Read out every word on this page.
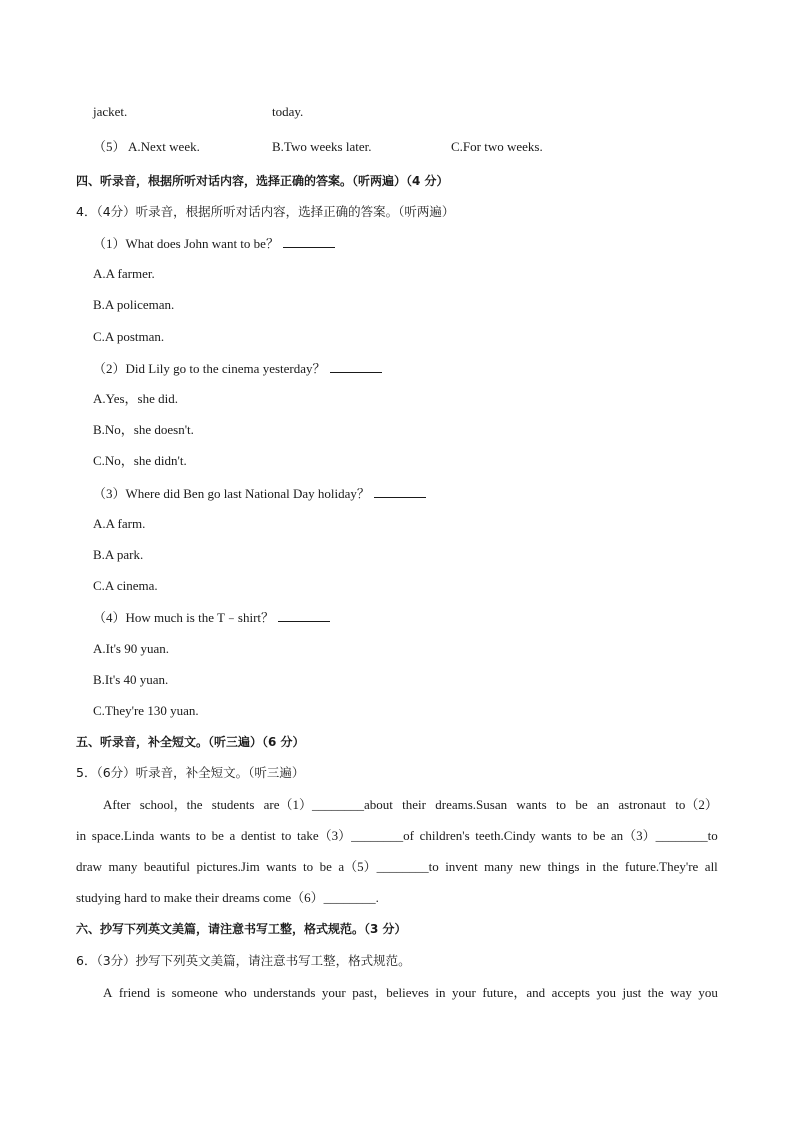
jacket.	today.
（5） A.Next week.	B.Two weeks later.	C.For two weeks.
四、听录音，根据所听对话内容，选择正确的答案。（听两遍）（4 分）
4．（4分）听录音，根据所听对话内容，选择正确的答案。（听两遍）
（1）What does John want to be？
A.A farmer.
B.A policeman.
C.A postman.
（2）Did Lily go to the cinema yesterday？
A.Yes，she did.
B.No，she doesn't.
C.No，she didn't.
（3）Where did Ben go last National Day holiday？
A.A farm.
B.A park.
C.A cinema.
（4）How much is the T﹣shirt？
A.It's 90 yuan.
B.It's 40 yuan.
C.They're 130 yuan.
五、听录音，补全短文。（听三遍）（6 分）
5．（6分）听录音，补全短文。（听三遍）
After school，the students are（1）________about their dreams.Susan wants to be an astronaut to（2）
in space.Linda wants to be a dentist to take（3）________of children's teeth.Cindy wants to be an（3）________to
draw many beautiful pictures.Jim wants to be a（5）________to invent many new things in the future.They're all
studying hard to make their dreams come（6）________.
六、抄写下列英文美篇，请注意书写工整，格式规范。（3 分）
6．（3分）抄写下列英文美篇，请注意书写工整，格式规范。
A friend is someone who understands your past，believes in your future，and accepts you just the way you
